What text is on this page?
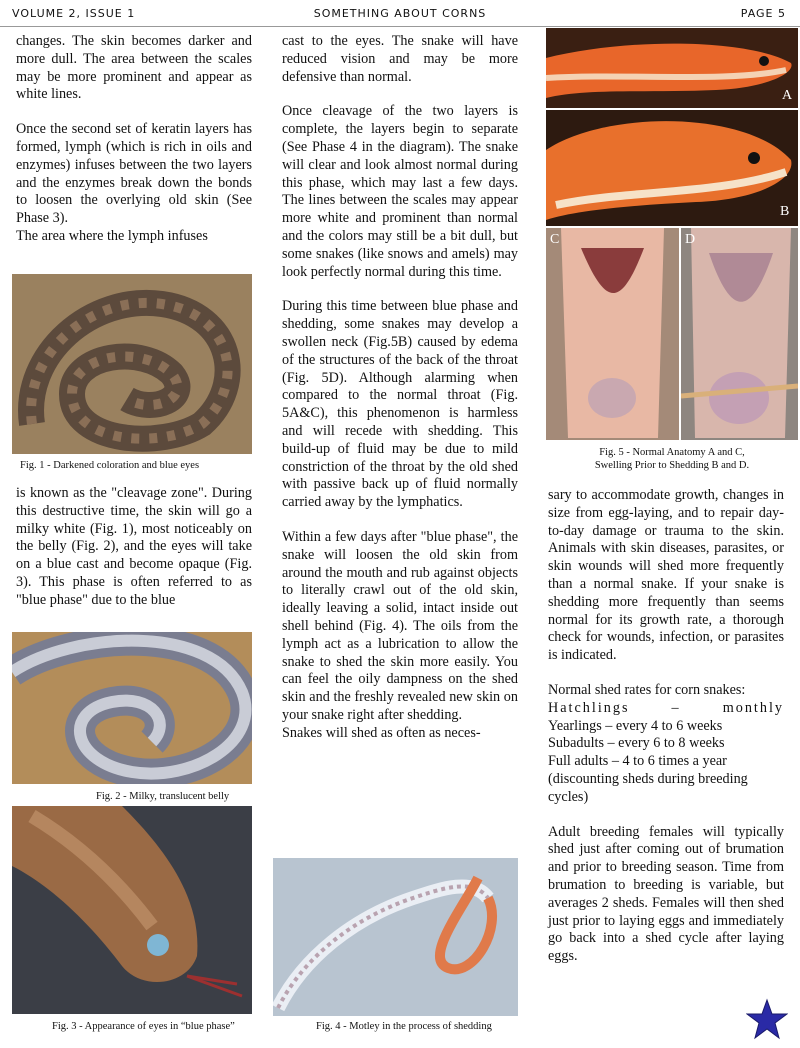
VOLUME 2, ISSUE 1	SOMETHING ABOUT CORNS	PAGE 5

changes. The skin becomes darker and more dull. The area between the scales may be more prominent and appear as white lines.

Once the second set of keratin layers has formed, lymph (which is rich in oils and enzymes) infuses between the two layers and the enzymes break down the bonds to loosen the overlying old skin (See Phase 3).

The area where the lymph infuses

Fig. 1 - Darkened coloration and blue eyes

is known as the "cleavage zone". During this destructive time, the skin will go a milky white (Fig. 1), most noticeably on the belly (Fig. 2), and the eyes will take on a blue cast and become opaque (Fig. 3). This phase is often referred to as "blue phase" due to the blue

Fig. 2 - Milky, translucent belly
Fig. 3 - Appearance of eyes in “blue phase”

cast to the eyes. The snake will have reduced vision and may be more defensive than normal.

Once cleavage of the two layers is complete, the layers begin to separate (See Phase 4 in the diagram). The snake will clear and look almost normal during this phase, which may last a few days. The lines between the scales may appear more white and prominent than normal and the colors may still be a bit dull, but some snakes (like snows and amels) may look perfectly normal during this time.

During this time between blue phase and shedding, some snakes may develop a swollen neck (Fig.5B) caused by edema of the structures of the back of the throat (Fig. 5D). Although alarming when compared to the normal throat (Fig. 5A&C), this phenomenon is harmless and will recede with shedding. This build-up of fluid may be due to mild constriction of the throat by the old shed with passive back up of fluid normally carried away by the lymphatics.

Within a few days after "blue phase", the snake will loosen the old skin from around the mouth and rub against objects to literally crawl out of the old skin, ideally leaving a solid, intact inside out shell behind (Fig. 4). The oils from the lymph act as a lubrication to allow the snake to shed the skin more easily. You can feel the oily dampness on the shed skin and the freshly revealed new skin on your snake right after shedding.

Snakes will shed as often as neces-

Fig. 4 - Motley in the process of shedding
A
B
C	D
Fig. 5 - Normal Anatomy A and C,
Swelling Prior to Shedding B and D.

sary to accommodate growth, changes in size from egg-laying, and to repair day-to-day damage or trauma to the skin. Animals with skin diseases, parasites, or skin wounds will shed more frequently than a normal snake. If your snake is shedding more frequently than seems normal for its growth rate, a thorough check for wounds, infection, or parasites is indicated.

Normal shed rates for corn snakes:

Hatchlings – monthly

Yearlings – every 4 to 6 weeks

Subadults – every 6 to 8 weeks

Full adults – 4 to 6 times a year (discounting sheds during breeding cycles)

Adult breeding females will typically shed just after coming out of brumation and prior to breeding season. Time from brumation to breeding is variable, but averages 2 sheds. Females will then shed just prior to laying eggs and immediately go back into a shed cycle after laying eggs.
